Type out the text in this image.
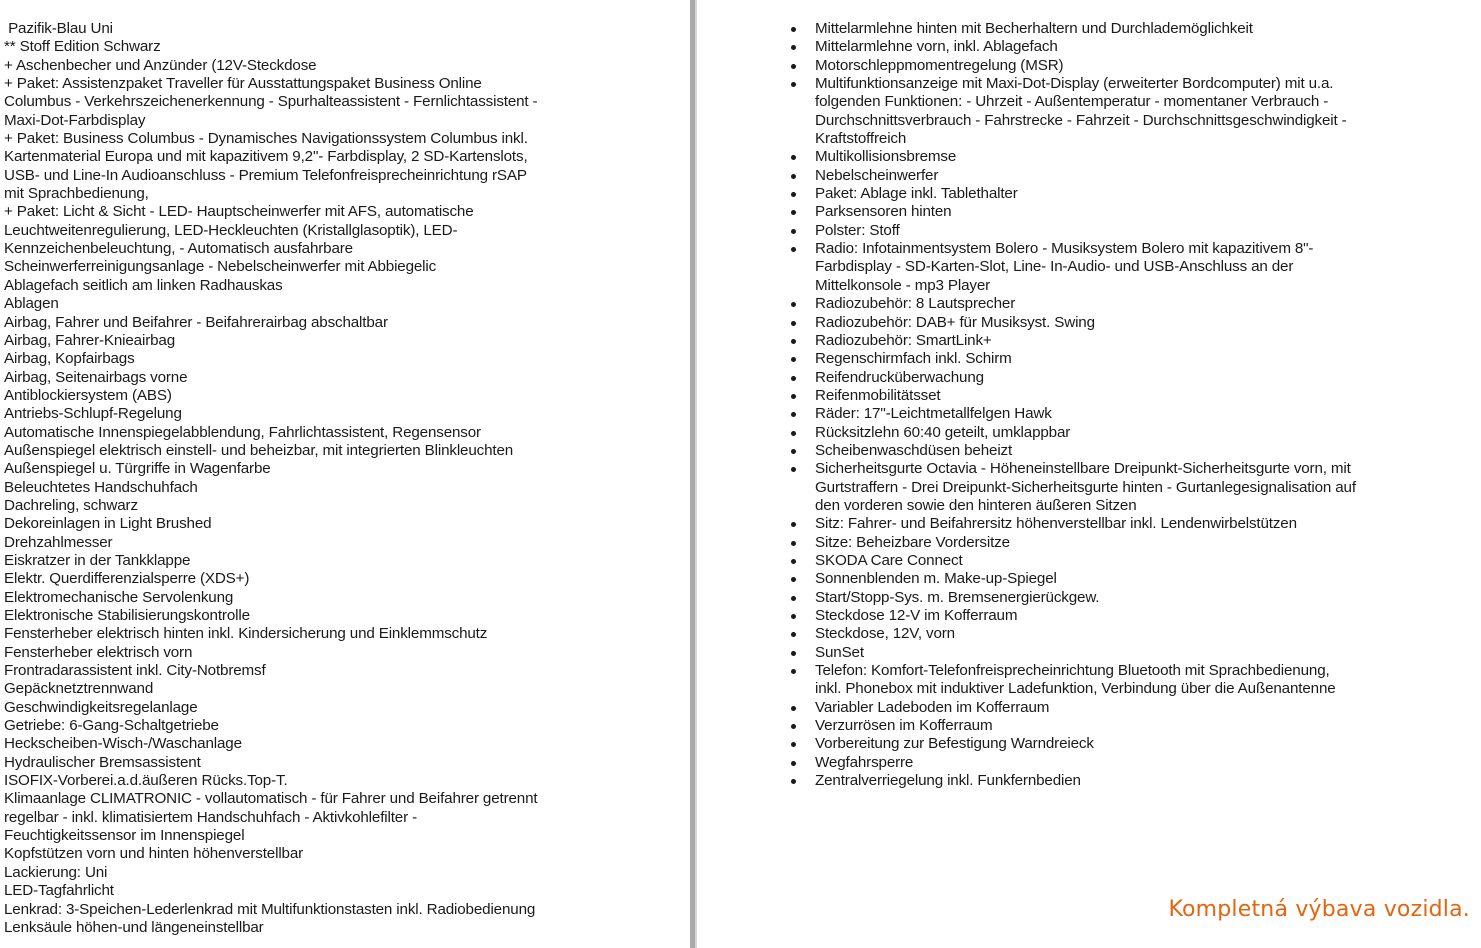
Pazifik-Blau Uni
** Stoff Edition Schwarz
+ Aschenbecher und Anzünder (12V-Steckdose
+ Paket: Assistenzpaket Traveller für Ausstattungspaket Business Online
Columbus - Verkehrszeichenerkennung - Spurhalteassistent - Fernlichtassistent -
Maxi-Dot-Farbdisplay
+ Paket: Business Columbus - Dynamisches Navigationssystem Columbus inkl.
Kartenmaterial Europa und mit kapazitivem 9,2"- Farbdisplay, 2 SD-Kartenslots,
USB- und Line-In Audioanschluss - Premium Telefonfreisprecheinrichtung rSAP
mit Sprachbedienung,
+ Paket: Licht & Sicht - LED- Hauptscheinwerfer mit AFS, automatische
Leuchtweitenregulierung, LED-Heckleuchten (Kristallglasoptik), LED-
Kennzeichenbeleuchtung, - Automatisch ausfahrbare
Scheinwerferreinigungsanlage - Nebelscheinwerfer mit Abbiegelic
Ablagefach seitlich am linken Radhauskas
Ablagen
Airbag, Fahrer und Beifahrer - Beifahrerairbag abschaltbar
Airbag, Fahrer-Knieairbag
Airbag, Kopfairbags
Airbag, Seitenairbags vorne
Antiblockiersystem (ABS)
Antriebs-Schlupf-Regelung
Automatische Innenspiegelabblendung, Fahrlichtassistent, Regensensor
Außenspiegel elektrisch einstell- und beheizbar, mit integrierten Blinkleuchten
Außenspiegel u. Türgriffe in Wagenfarbe
Beleuchtetes Handschuhfach
Dachreling, schwarz
Dekoreinlagen in Light Brushed
Drehzahlmesser
Eiskratzer in der Tankklappe
Elektr. Querdifferenzialsperre (XDS+)
Elektromechanische Servolenkung
Elektronische Stabilisierungskontrolle
Fensterheber elektrisch hinten inkl. Kindersicherung und Einklemmschutz
Fensterheber elektrisch vorn
Frontradarassistent inkl. City-Notbremsf
Gepäcknetztrennwand
Geschwindigkeitsregelanlage
Getriebe: 6-Gang-Schaltgetriebe
Heckscheiben-Wisch-/Waschanlage
Hydraulischer Bremsassistent
ISOFIX-Vorberei.a.d.äußeren Rücks.Top-T.
Klimaanlage CLIMATRONIC - vollautomatisch - für Fahrer und Beifahrer getrennt
regelbar - inkl. klimatisiertem Handschuhfach - Aktivkohlefilter -
Feuchtigkeitssensor im Innenspiegel
Kopfstützen vorn und hinten höhenverstellbar
Lackierung: Uni
LED-Tagfahrlicht
Lenkrad: 3-Speichen-Lederlenkrad mit Multifunktionstasten inkl. Radiobedienung
Lenksäule höhen-und längeneinstellbar
Mittelarmlehne hinten mit Becherhaltern und Durchlademöglichkeit
Mittelarmlehne vorn, inkl. Ablagefach
Motorschleppmomentregelung (MSR)
Multifunktionsanzeige mit Maxi-Dot-Display (erweiterter Bordcomputer) mit u.a.
folgenden Funktionen: - Uhrzeit - Außentemperatur - momentaner Verbrauch -
Durchschnittsverbrauch - Fahrstrecke - Fahrzeit - Durchschnittsgeschwindigkeit -
Kraftstoffreich
Multikollisionsbremse
Nebelscheinwerfer
Paket: Ablage inkl. Tablethalter
Parksensoren hinten
Polster: Stoff
Radio: Infotainmentsystem Bolero - Musiksystem Bolero mit kapazitivem 8"-
Farbdisplay - SD-Karten-Slot, Line- In-Audio- und USB-Anschluss an der
Mittelkonsole - mp3 Player
Radiozubehör: 8 Lautsprecher
Radiozubehör: DAB+ für Musiksyst. Swing
Radiozubehör: SmartLink+
Regenschirmfach inkl. Schirm
Reifendrucküberwachung
Reifenmobilitätsset
Räder: 17"-Leichtmetallfelgen Hawk
Rücksitzlehn 60:40 geteilt, umklappbar
Scheibenwaschdüsen beheizt
Sicherheitsgurte Octavia - Höheneinstellbare Dreipunkt-Sicherheitsgurte vorn, mit
Gurtstraffern - Drei Dreipunkt-Sicherheitsgurte hinten - Gurtanlegesignalisation auf
den vorderen sowie den hinteren äußeren Sitzen
Sitz: Fahrer- und Beifahrersitz höhenverstellbar inkl. Lendenwirbelstützen
Sitze: Beheizbare Vordersitze
SKODA Care Connect
Sonnenblenden m. Make-up-Spiegel
Start/Stopp-Sys. m. Bremsenergierückgew.
Steckdose 12-V im Kofferraum
Steckdose, 12V, vorn
SunSet
Telefon: Komfort-Telefonfreisprecheinrichtung Bluetooth mit Sprachbedienung,
inkl. Phonebox mit induktiver Ladefunktion, Verbindung über die Außenantenne
Variabler Ladeboden im Kofferraum
Verzurrösen im Kofferraum
Vorbereitung zur Befestigung Warndreieck
Wegfahrsperre
Zentralverriegelung inkl. Funkfernbedien
Kompletná výbava vozidla.
